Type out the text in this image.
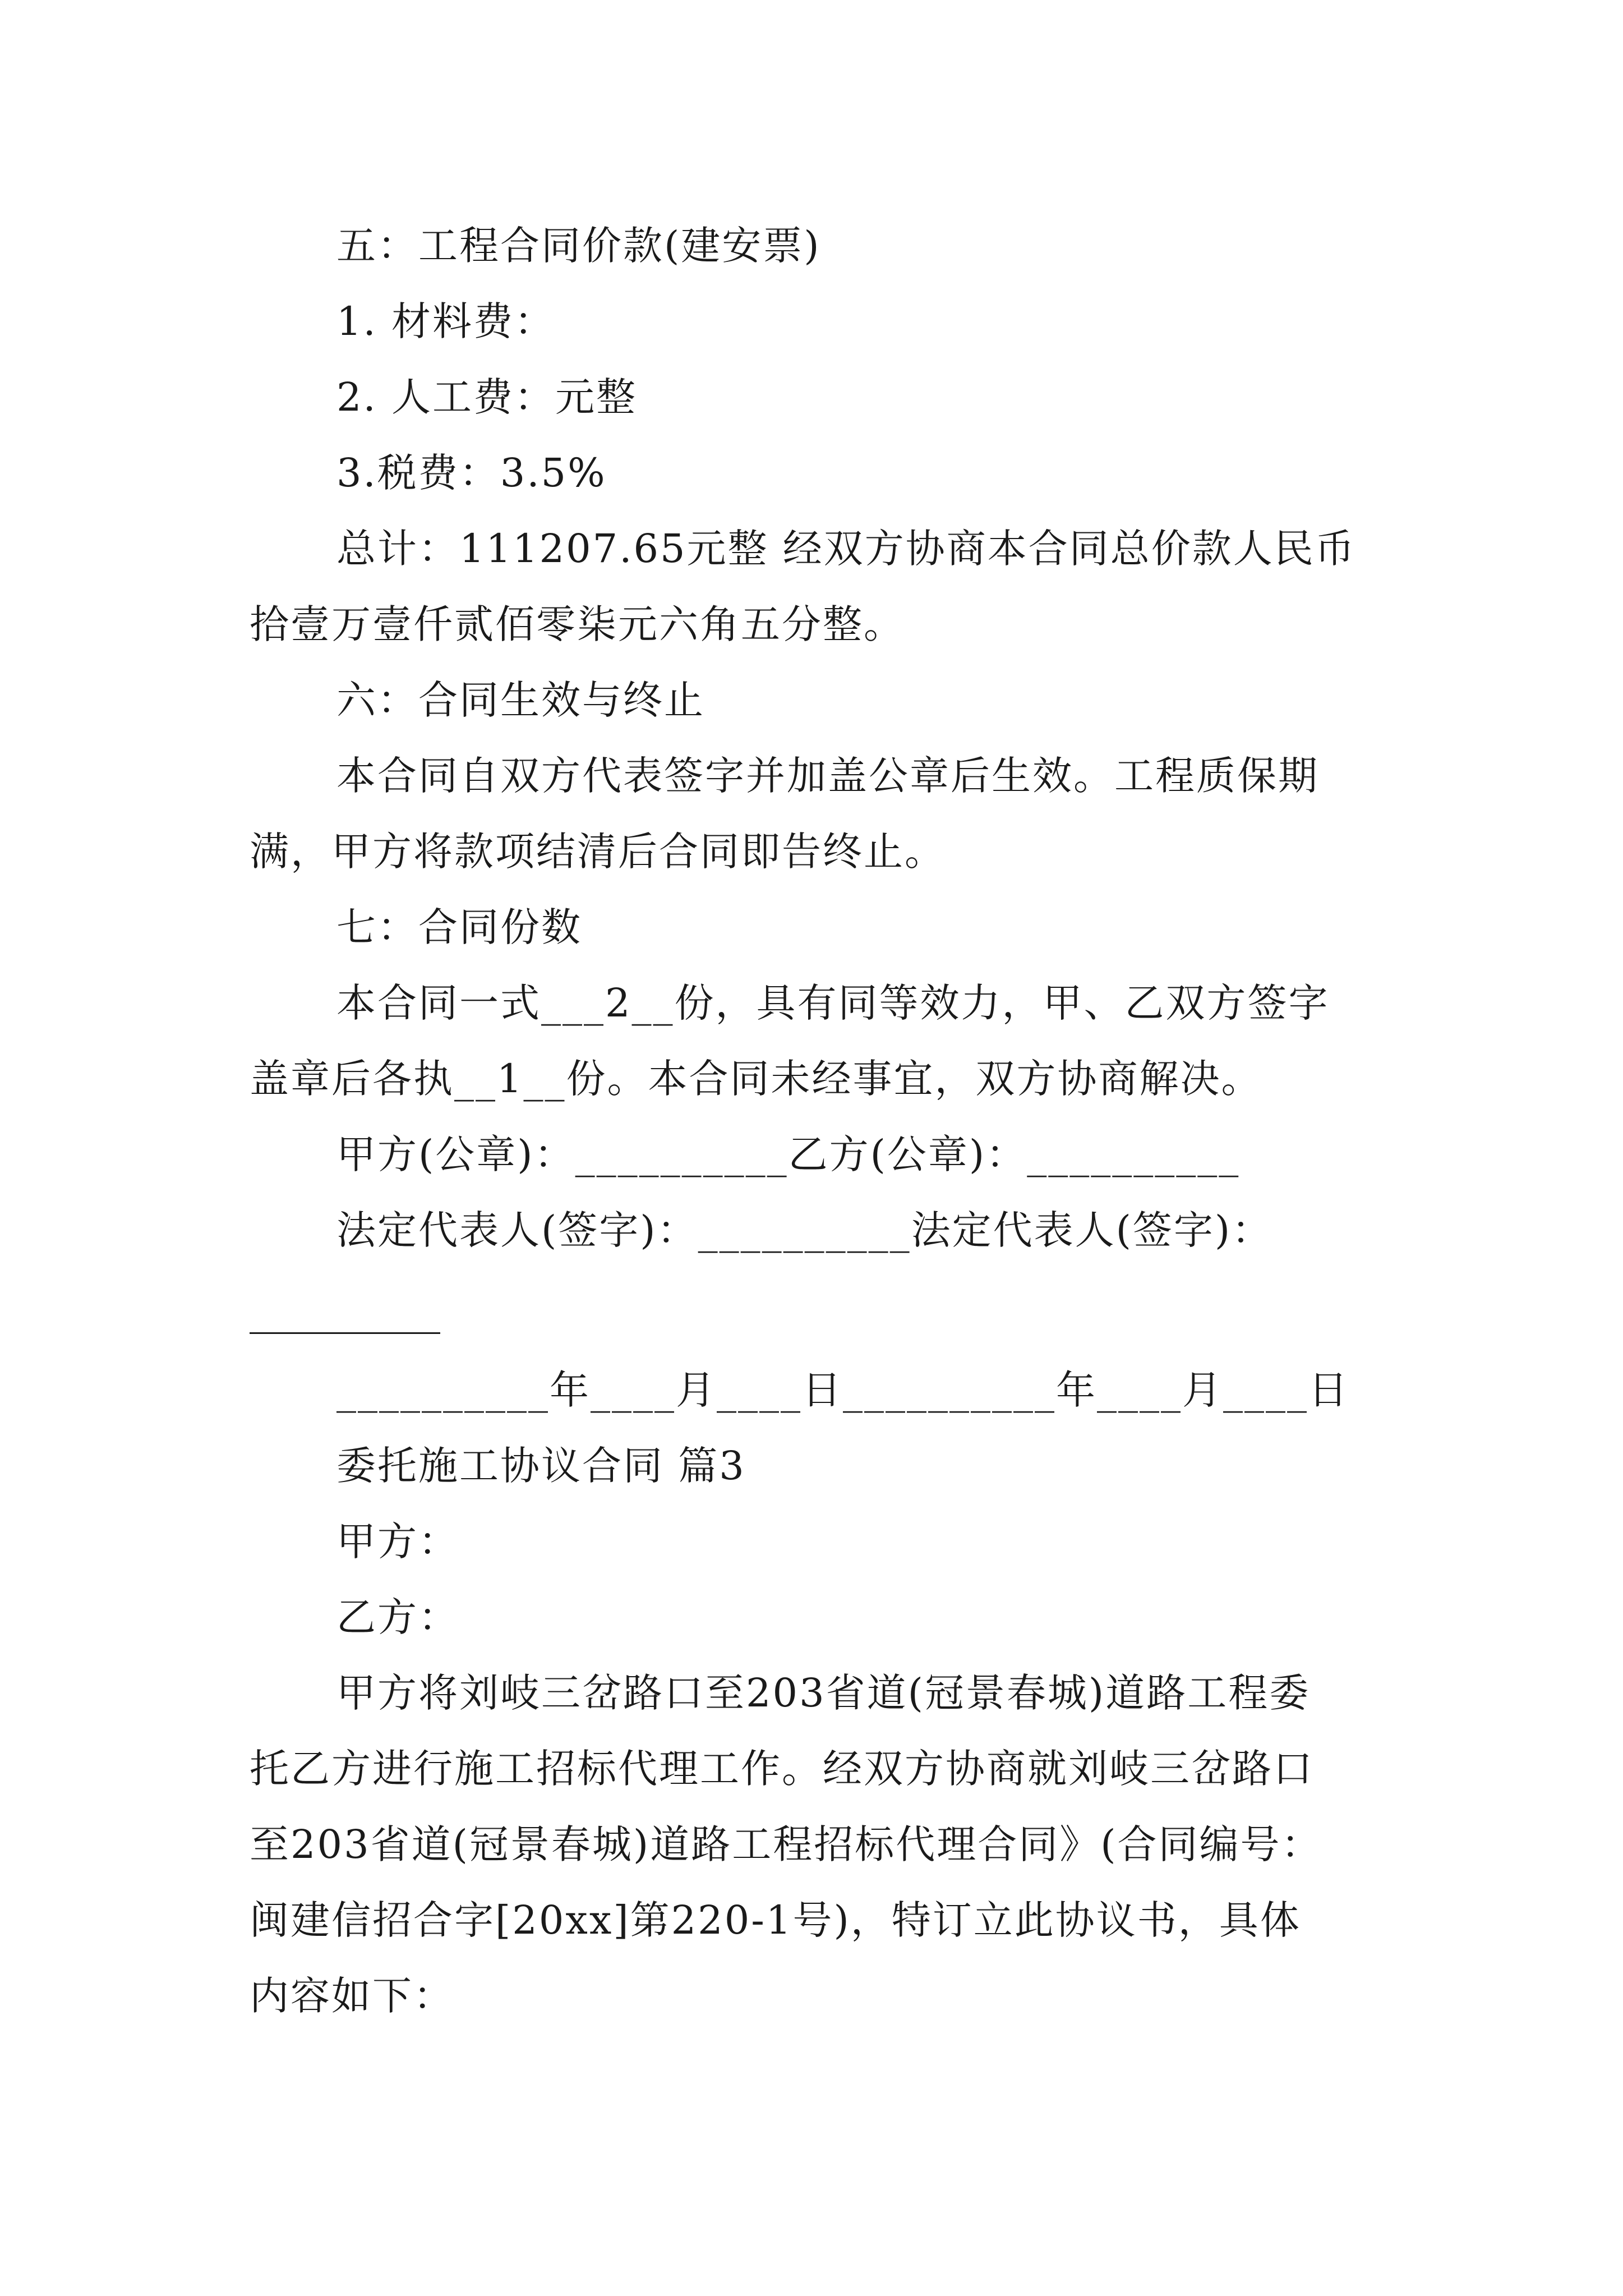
五：工程合同价款(建安票)

1. 材料费：

2. 人工费：元整

3.税费：3.5%

总计：111207.65元整 经双方协商本合同总价款人民币

拾壹万壹仟贰佰零柒元六角五分整。

六：合同生效与终止

本合同自双方代表签字并加盖公章后生效。工程质保期

满，甲方将款项结清后合同即告终止。

七：合同份数

本合同一式___2__份，具有同等效力，甲、乙双方签字

盖章后各执__1__份。本合同未经事宜，双方协商解决。

甲方(公章)：__________乙方(公章)：__________

法定代表人(签字)：__________法定代表人(签字)：

__________年____月____日__________年____月____日

委托施工协议合同 篇3

甲方：

乙方：

甲方将刘岐三岔路口至203省道(冠景春城)道路工程委

托乙方进行施工招标代理工作。经双方协商就刘岐三岔路口

至203省道(冠景春城)道路工程招标代理合同》(合同编号：

闽建信招合字[20xx]第220-1号)，特订立此协议书，具体

内容如下：
